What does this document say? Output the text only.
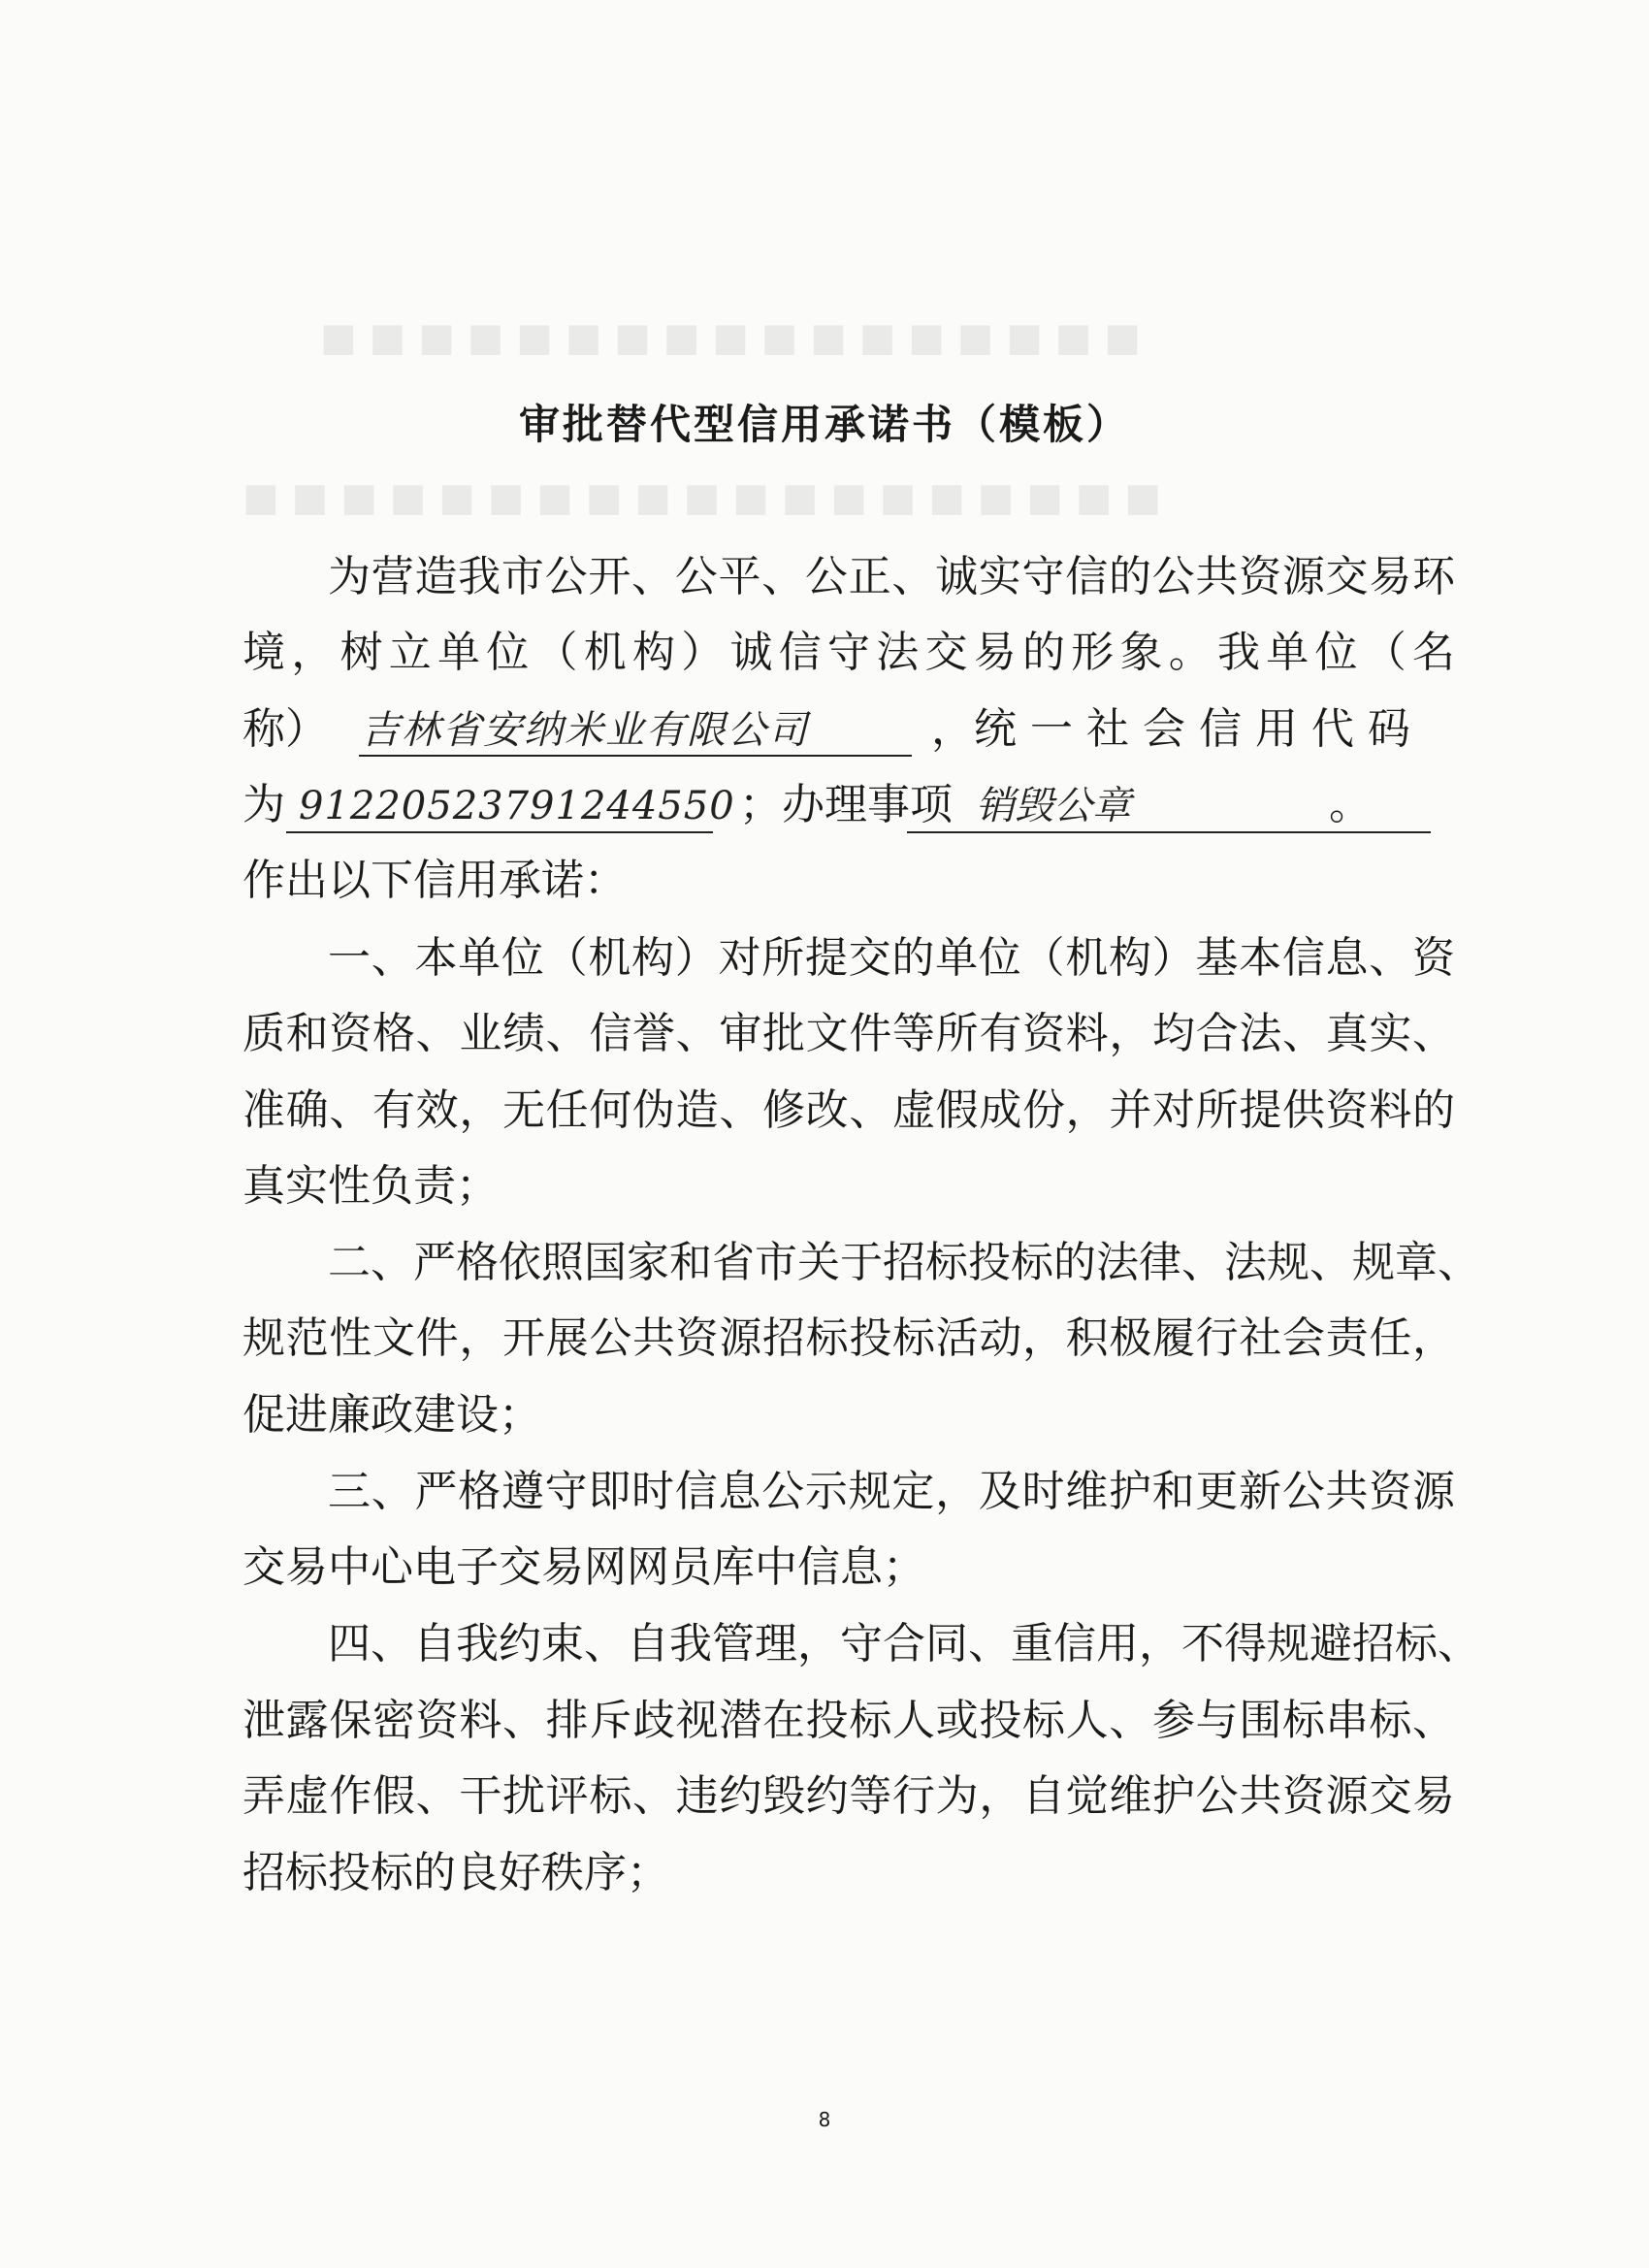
■ ■ ■ ■ ■ ■ ■ ■ ■ ■ ■ ■ ■ ■ ■ ■ ■
■ ■ ■ ■ ■ ■ ■ ■ ■ ■ ■ ■ ■ ■ ■ ■ ■ ■ ■
审批替代型信用承诺书（模板）
为营造我市公开、公平、公正、诚实守信的公共资源交易环
境，树立单位（机构）诚信守法交易的形象。我单位（名
称） 吉林省安纳米业有限公司	，统 一 社 会 信 用 代 码
为 91220523791244550 ；办理事项 销毁公章	。
作出以下信用承诺：
一、本单位（机构）对所提交的单位（机构）基本信息、资
质和资格、业绩、信誉、审批文件等所有资料，均合法、真实、
准确、有效，无任何伪造、修改、虚假成份，并对所提供资料的
真实性负责；
二、严格依照国家和省市关于招标投标的法律、法规、规章、
规范性文件，开展公共资源招标投标活动，积极履行社会责任，
促进廉政建设；
三、严格遵守即时信息公示规定，及时维护和更新公共资源
交易中心电子交易网网员库中信息；
四、自我约束、自我管理，守合同、重信用，不得规避招标、
泄露保密资料、排斥歧视潜在投标人或投标人、参与围标串标、
弄虚作假、干扰评标、违约毁约等行为，自觉维护公共资源交易
招标投标的良好秩序；
8
